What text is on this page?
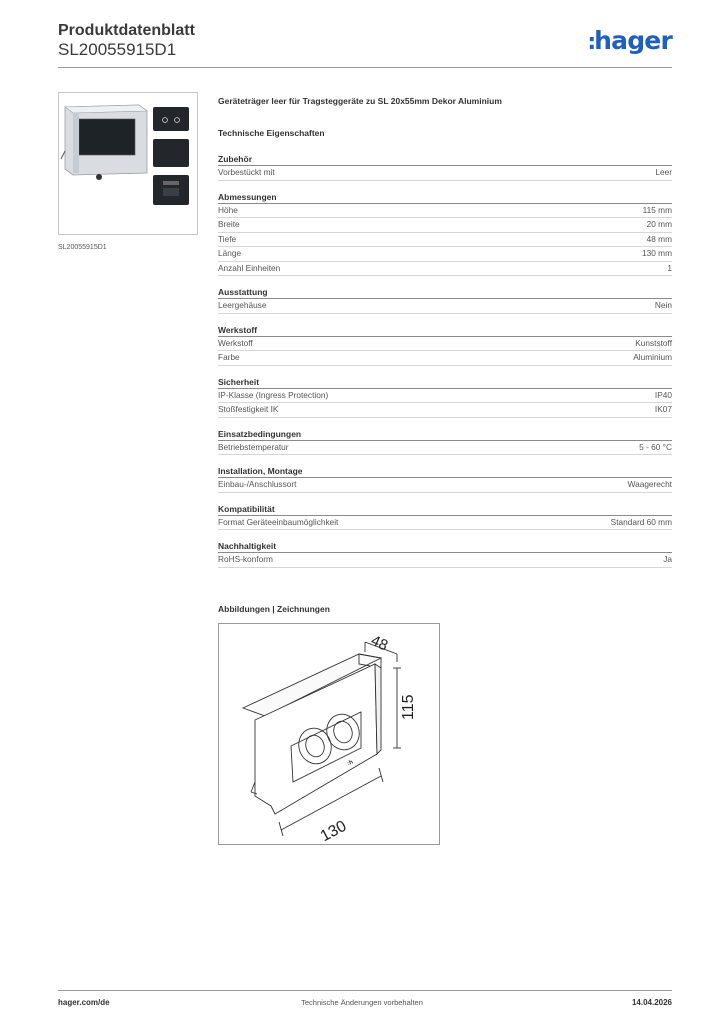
Produktdatenblatt
SL20055915D1	:hager
SL20055915D1
Geräteträger leer für Tragsteggeräte zu SL 20x55mm Dekor Aluminium
Technische Eigenschaften
Zubehör
Vorbestückt mit	Leer
Abmessungen
Höhe	115 mm
Breite	20 mm
Tiefe	48 mm
Länge	130 mm
Anzahl Einheiten	1
Ausstattung
Leergehäuse	Nein
Werkstoff
Werkstoff	Kunststoff
Farbe	Aluminium
Sicherheit
IP-Klasse (Ingress Protection)	IP40
Stoßfestigkeit IK	IK07
Einsatzbedingungen
Betriebstemperatur	5 - 60 °C
Installation, Montage
Einbau-/Anschlussort	Waagerecht
Kompatibilität
Format Geräteeinbaumöglichkeit	Standard 60 mm
Nachhaltigkeit
RoHS-konform	Ja
Abbildungen | Zeichnungen
48
115
130
:h
hager.com/de	Technische Änderungen vorbehalten	14.04.2026
